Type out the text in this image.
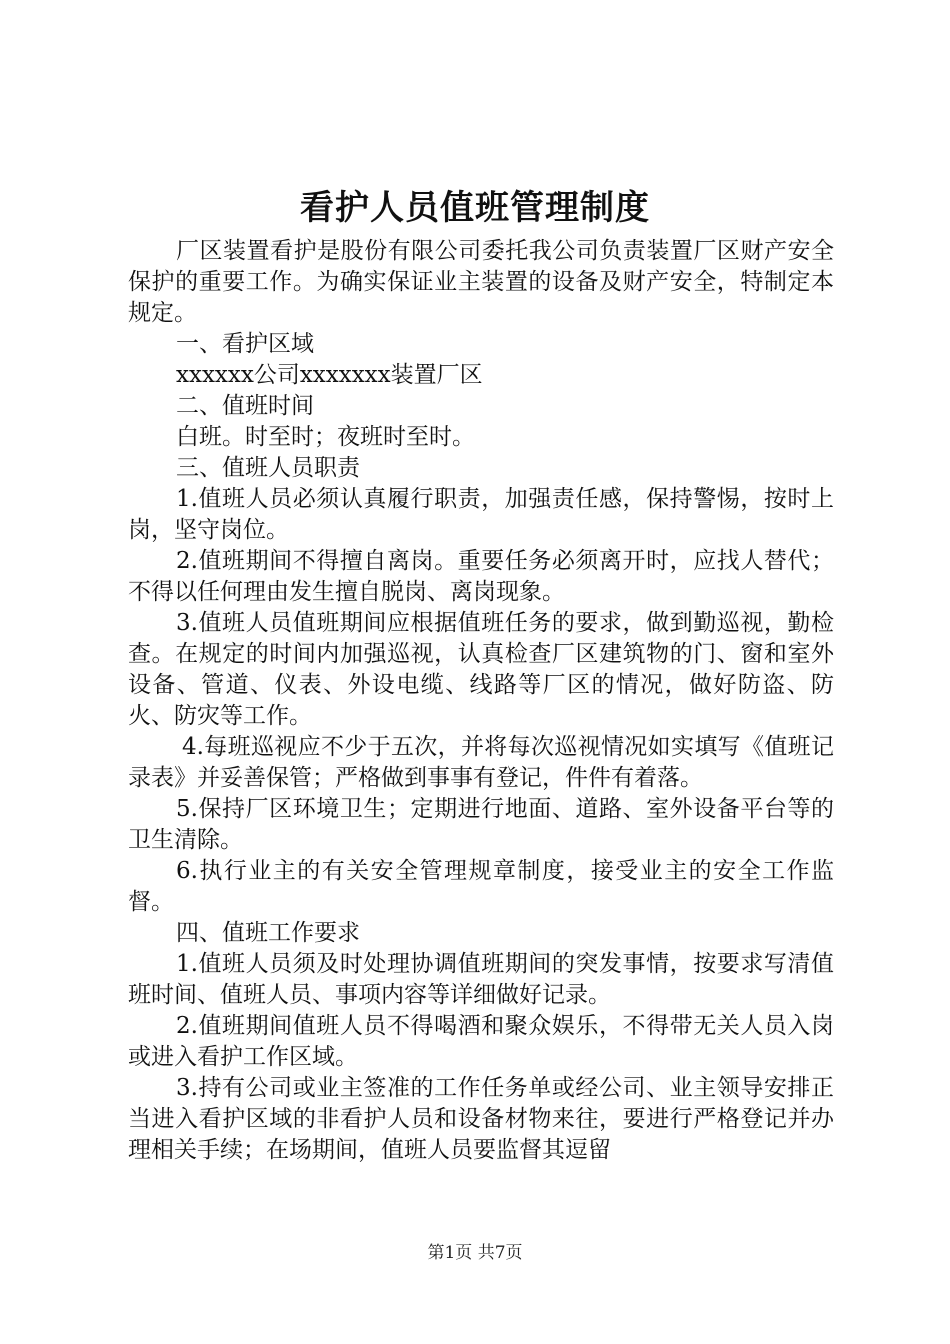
看护人员值班管理制度

厂区装置看护是股份有限公司委托我公司负责装置厂区财产安全保护的重要工作。为确实保证业主装置的设备及财产安全，特制定本规定。

一、看护区域

xxxxxx公司xxxxxxx装置厂区

二、值班时间

白班。时至时；夜班时至时。

三、值班人员职责

1.值班人员必须认真履行职责，加强责任感，保持警惕，按时上岗，坚守岗位。

2.值班期间不得擅自离岗。重要任务必须离开时，应找人替代；不得以任何理由发生擅自脱岗、离岗现象。

3.值班人员值班期间应根据值班任务的要求，做到勤巡视，勤检查。在规定的时间内加强巡视，认真检查厂区建筑物的门、窗和室外设备、管道、仪表、外设电缆、线路等厂区的情况，做好防盗、防火、防灾等工作。

4.每班巡视应不少于五次，并将每次巡视情况如实填写《值班记录表》并妥善保管；严格做到事事有登记，件件有着落。

5.保持厂区环境卫生；定期进行地面、道路、室外设备平台等的卫生清除。

6.执行业主的有关安全管理规章制度，接受业主的安全工作监督。

四、值班工作要求

1.值班人员须及时处理协调值班期间的突发事情，按要求写清值班时间、值班人员、事项内容等详细做好记录。

2.值班期间值班人员不得喝酒和聚众娱乐，不得带无关人员入岗或进入看护工作区域。

3.持有公司或业主签准的工作任务单或经公司、业主领导安排正当进入看护区域的非看护人员和设备材物来往，要进行严格登记并办理相关手续；在场期间，值班人员要监督其逗留

第1页 共7页
